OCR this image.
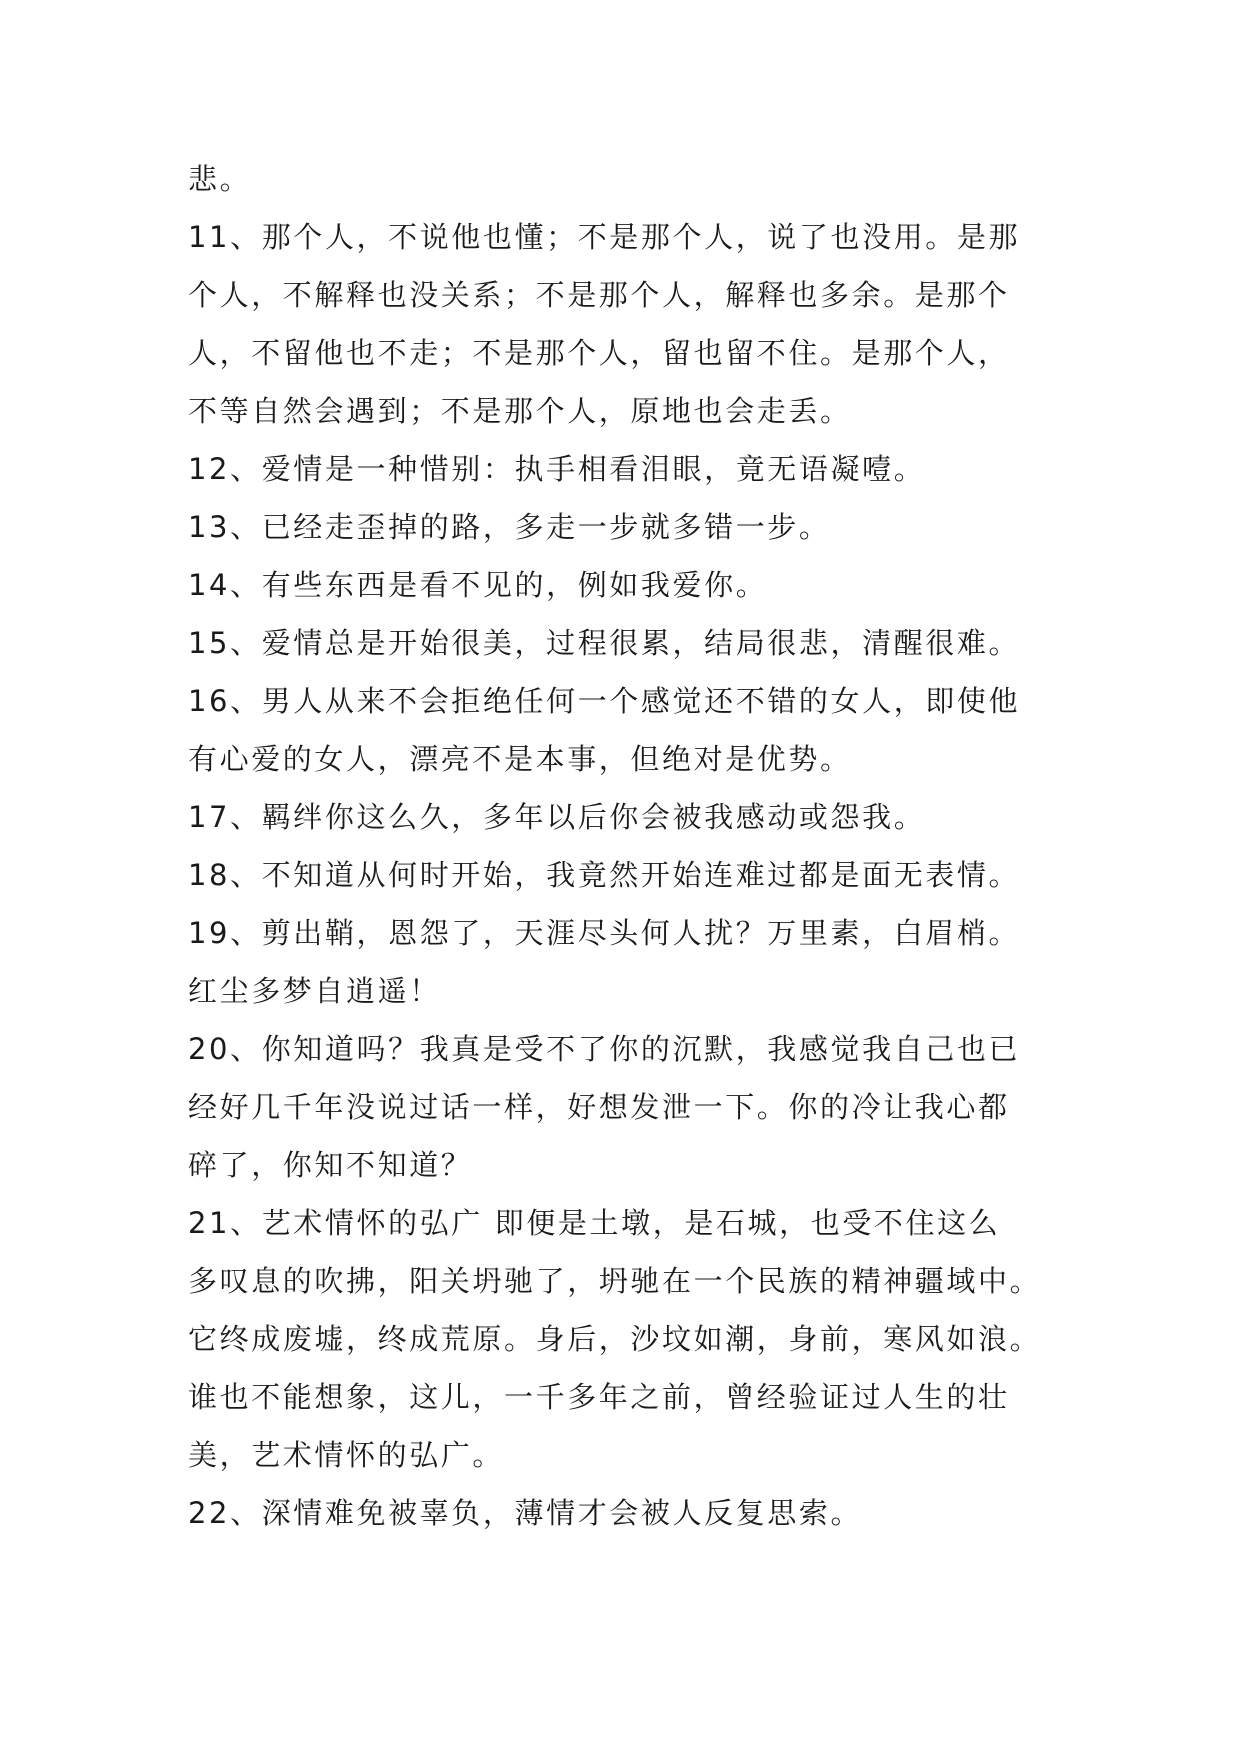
悲。
11、那个人，不说他也懂；不是那个人，说了也没用。是那
个人，不解释也没关系；不是那个人，解释也多余。是那个
人，不留他也不走；不是那个人，留也留不住。是那个人，
不等自然会遇到；不是那个人，原地也会走丢。
12、爱情是一种惜别：执手相看泪眼，竟无语凝噎。
13、已经走歪掉的路，多走一步就多错一步。
14、有些东西是看不见的，例如我爱你。
15、爱情总是开始很美，过程很累，结局很悲，清醒很难。
16、男人从来不会拒绝任何一个感觉还不错的女人，即使他
有心爱的女人，漂亮不是本事，但绝对是优势。
17、羁绊你这么久，多年以后你会被我感动或怨我。
18、不知道从何时开始，我竟然开始连难过都是面无表情。
19、剪出鞘，恩怨了，天涯尽头何人扰？万里素，白眉梢。
红尘多梦自逍遥！
20、你知道吗？我真是受不了你的沉默，我感觉我自己也已
经好几千年没说过话一样，好想发泄一下。你的冷让我心都
碎了，你知不知道？
21、艺术情怀的弘广 即便是土墩，是石城，也受不住这么
多叹息的吹拂，阳关坍驰了，坍驰在一个民族的精神疆域中。
它终成废墟，终成荒原。身后，沙坟如潮，身前，寒风如浪。
谁也不能想象，这儿，一千多年之前，曾经验证过人生的壮
美，艺术情怀的弘广。
22、深情难免被辜负，薄情才会被人反复思索。
